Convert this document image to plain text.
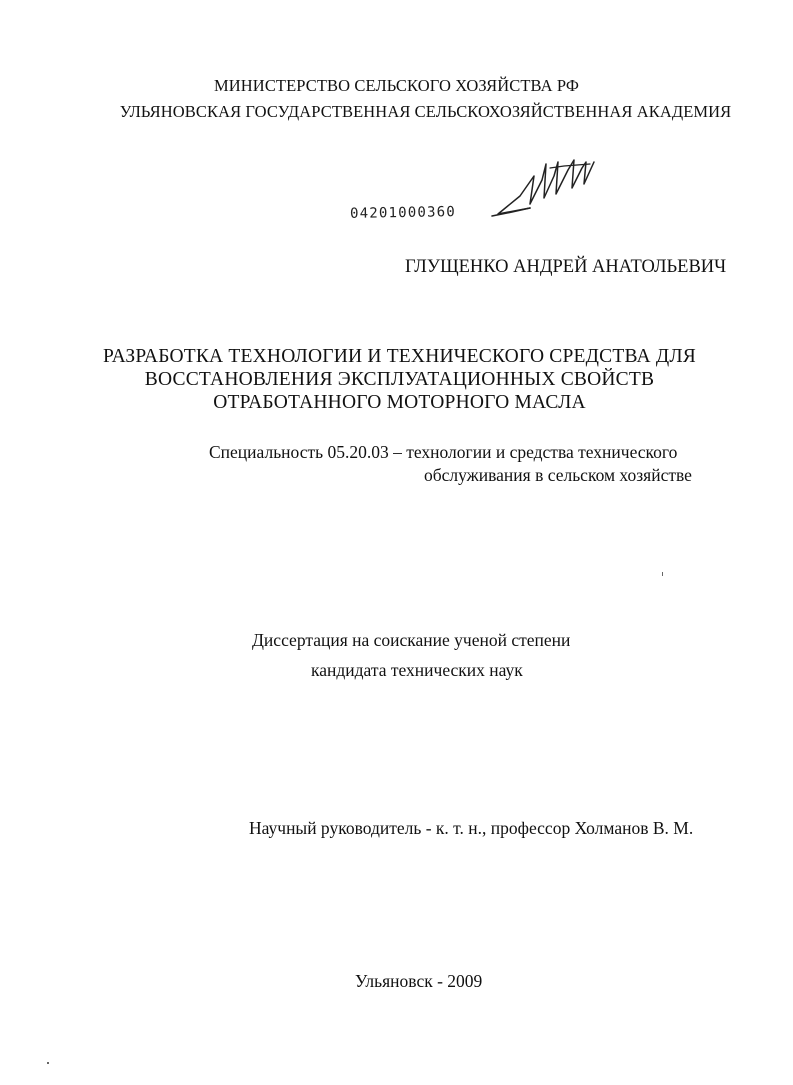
МИНИСТЕРСТВО СЕЛЬСКОГО ХОЗЯЙСТВА РФ
УЛЬЯНОВСКАЯ ГОСУДАРСТВЕННАЯ СЕЛЬСКОХОЗЯЙСТВЕННАЯ АКАДЕМИЯ
04201000360
ГЛУЩЕНКО АНДРЕЙ АНАТОЛЬЕВИЧ
РАЗРАБОТКА ТЕХНОЛОГИИ И ТЕХНИЧЕСКОГО СРЕДСТВА ДЛЯ
ВОССТАНОВЛЕНИЯ ЭКСПЛУАТАЦИОННЫХ СВОЙСТВ
ОТРАБОТАННОГО МОТОРНОГО МАСЛА
Специальность 05.20.03 – технологии и средства технического
обслуживания в сельском хозяйстве
Диссертация на соискание ученой степени
кандидата технических наук
Научный руководитель - к. т. н., профессор Холманов В. М.
Ульяновск - 2009
